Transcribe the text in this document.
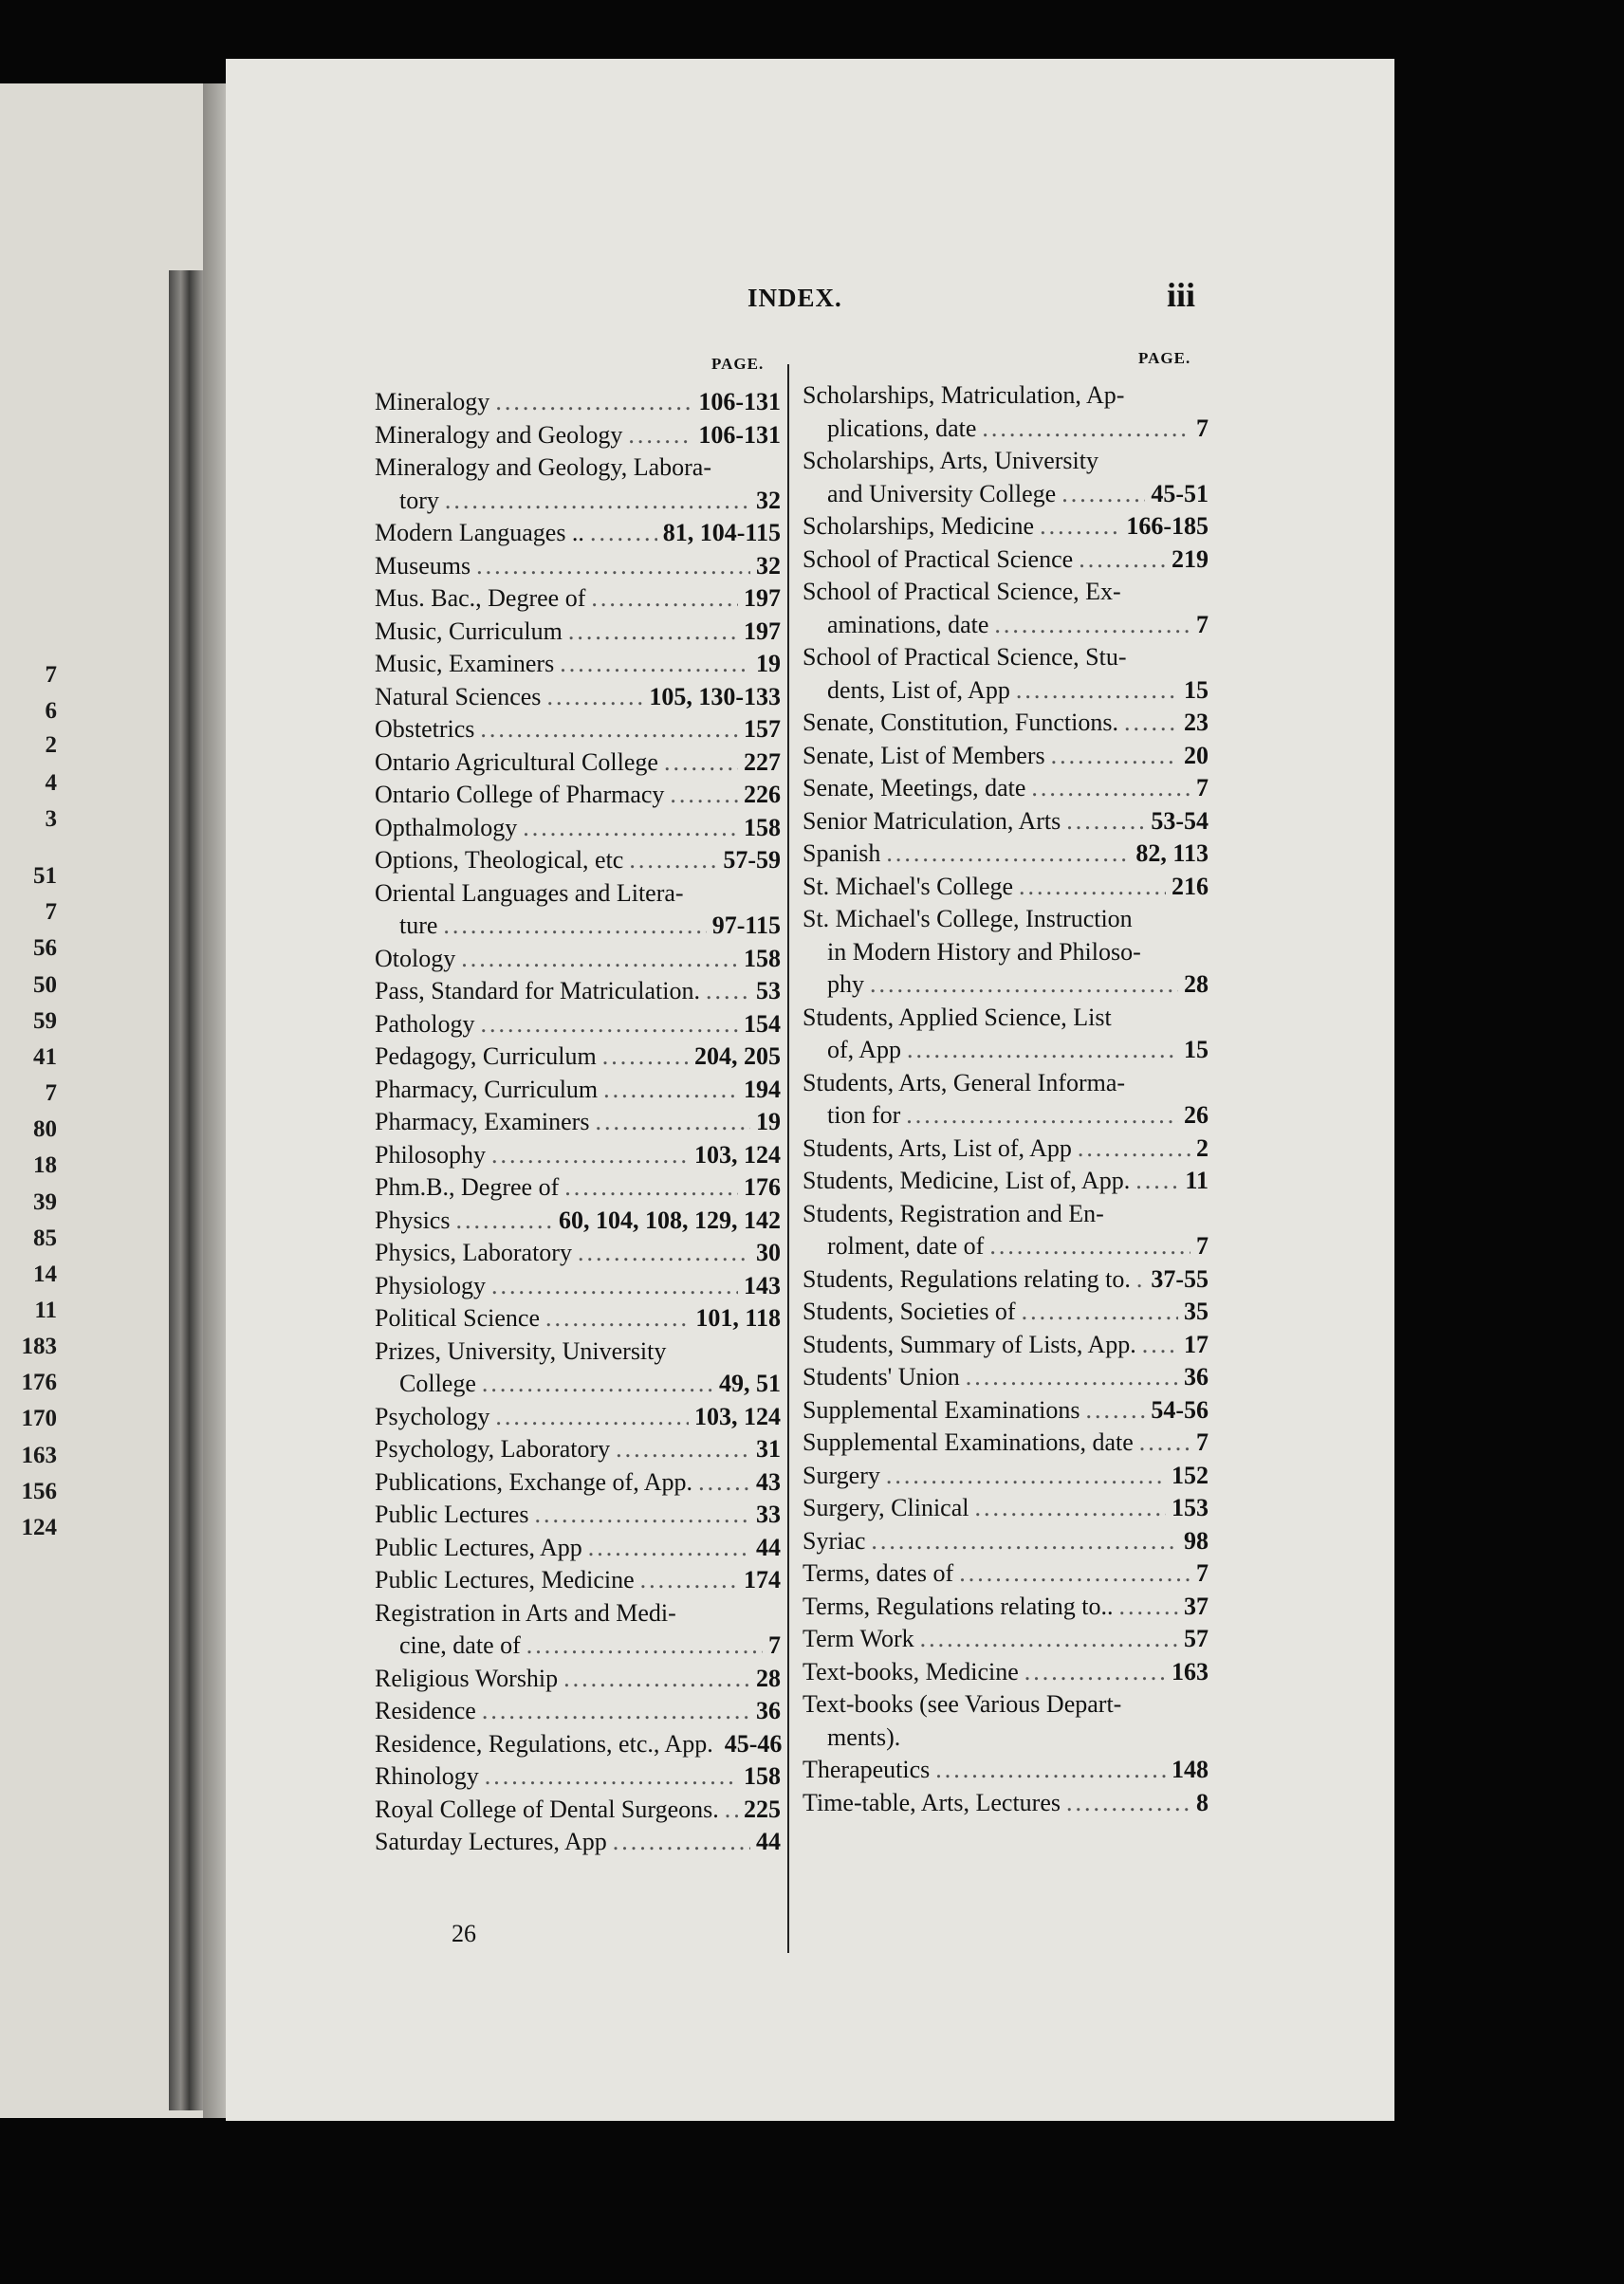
7
6
2
4
3
51
7
56
50
59
41
7
80
18
39
85
14
11
183
176
170
163
156
124
INDEX.	iii
PAGE.	PAGE.
Mineralogy .....	106-131
Mineralogy and Geology .....	106-131
Mineralogy and Geology, Labora-
tory .....	32
Modern Languages .. .....	81, 104-115
Museums .....	32
Mus. Bac., Degree of .....	197
Music, Curriculum .....	197
Music, Examiners .....	19
Natural Sciences .....	105, 130-133
Obstetrics .....	157
Ontario Agricultural College .....	227
Ontario College of Pharmacy .....	226
Opthalmology .....	158
Options, Theological, etc .....	57-59
Oriental Languages and Litera-
ture .....	97-115
Otology .....	158
Pass, Standard for Matriculation. ..... 53
Pathology .....	154
Pedagogy, Curriculum .....	204, 205
Pharmacy, Curriculum .....	194
Pharmacy, Examiners .....	19
Philosophy .....	103, 124
Phm.B., Degree of .....	176
Physics .....	60, 104, 108, 129, 142
Physics, Laboratory .....	30
Physiology .....	143
Political Science .....	101, 118
Prizes, University, University
College .....	49, 51
Psychology .....	103, 124
Psychology, Laboratory .....	31
Publications, Exchange of, App. .....	43
Public Lectures .....	33
Public Lectures, App .....	44
Public Lectures, Medicine .....	174
Registration in Arts and Medi-
cine, date of .....	7
Religious Worship .....	28
Residence .....	36
Residence, Regulations, etc., App. 45-46
Rhinology .....	158
Royal College of Dental Surgeons. ..... 225
Saturday Lectures, App .....	44
Scholarships, Matriculation, Ap-
plications, date .....	7
Scholarships, Arts, University
and University College .....	45-51
Scholarships, Medicine .....	166-185
School of Practical Science .....	219
School of Practical Science, Ex-
aminations, date .....	7
School of Practical Science, Stu-
dents, List of, App .....	15
Senate, Constitution, Functions. .....	23
Senate, List of Members .....	20
Senate, Meetings, date .....	7
Senior Matriculation, Arts .....	53-54
Spanish .....	82, 113
St. Michael's College .....	216
St. Michael's College, Instruction
in Modern History and Philoso-
phy .....	28
Students, Applied Science, List
of, App .....	15
Students, Arts, General Informa-
tion for .....	26
Students, Arts, List of, App .....	2
Students, Medicine, List of, App. ..... 11
Students, Registration and En-
rolment, date of .....	7
Students, Regulations relating to. ..... 37-55
Students, Societies of .....	35
Students, Summary of Lists, App. ..... 17
Students' Union .....	36
Supplemental Examinations .....	54-56
Supplemental Examinations, date .....	7
Surgery .....	152
Surgery, Clinical .....	153
Syriac .....	98
Terms, dates of .....	7
Terms, Regulations relating to.. .....	37
Term Work .....	57
Text-books, Medicine .....	163
Text-books (see Various Depart-
ments).
Therapeutics .....	148
Time-table, Arts, Lectures .....	8
26
